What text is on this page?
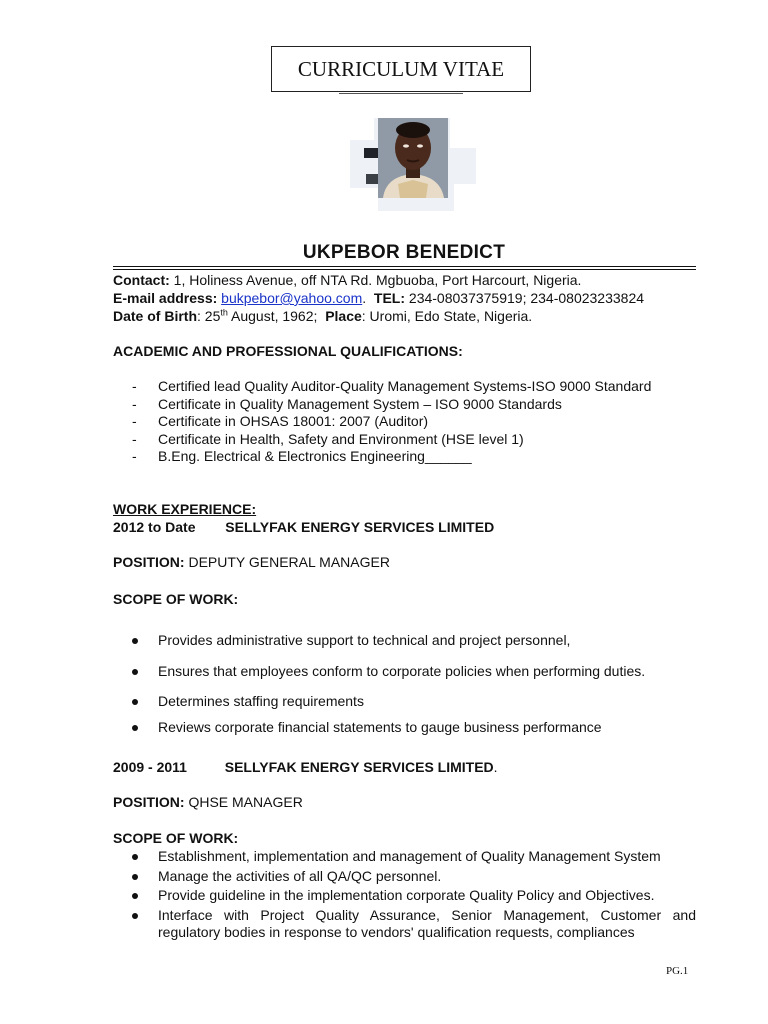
CURRICULUM VITAE
UKPEBOR BENEDICT
Contact: 1, Holiness Avenue, off NTA Rd. Mgbuoba, Port Harcourt, Nigeria.
E-mail address: bukpebor@yahoo.com. TEL: 234-08037375919; 234-08023233824
Date of Birth: 25th August, 1962; Place: Uromi, Edo State, Nigeria.
ACADEMIC AND PROFESSIONAL QUALIFICATIONS:
- Certified lead Quality Auditor-Quality Management Systems-ISO 9000 Standard
- Certificate in Quality Management System – ISO 9000 Standards
- Certificate in OHSAS 18001: 2007 (Auditor)
- Certificate in Health, Safety and Environment (HSE level 1)
- B.Eng. Electrical & Electronics Engineering______
WORK EXPERIENCE:
2012 to Date SELLYFAK ENERGY SERVICES LIMITED
POSITION: DEPUTY GENERAL MANAGER
SCOPE OF WORK:
Provides administrative support to technical and project personnel,
Ensures that employees conform to corporate policies when performing duties.
Determines staffing requirements
Reviews corporate financial statements to gauge business performance
2009 - 2011	SELLYFAK ENERGY SERVICES LIMITED.
POSITION: QHSE MANAGER
SCOPE OF WORK:
Establishment, implementation and management of Quality Management System
Manage the activities of all QA/QC personnel.
Provide guideline in the implementation corporate Quality Policy and Objectives.
Interface with Project Quality Assurance, Senior Management, Customer and regulatory bodies in response to vendors' qualification requests, compliances
PG.1
